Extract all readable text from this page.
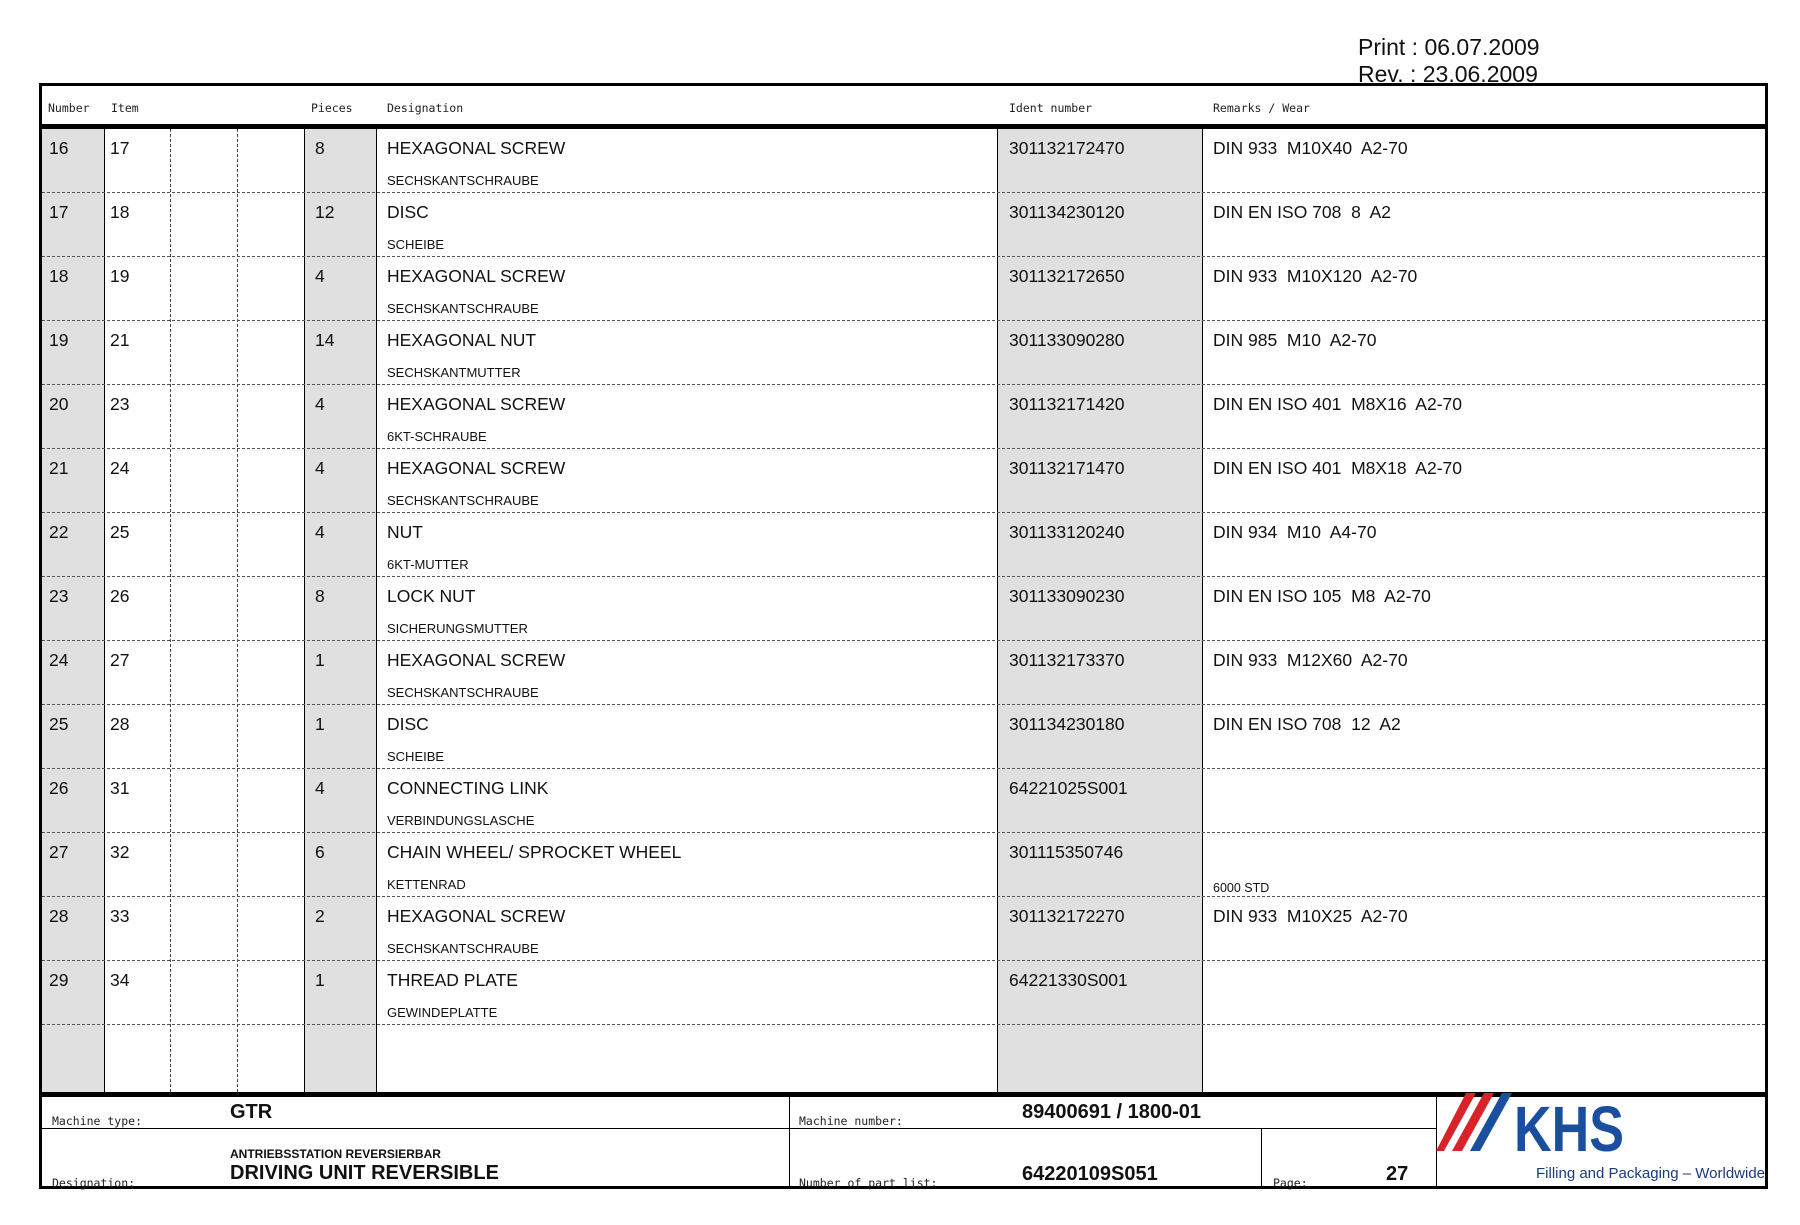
Print : 06.07.2009
Rev. : 23.06.2009
Number Item	Pieces	Designation	Ident number	Remarks / Wear
16 17	8	HEXAGONAL SCREW
SECHSKANTSCHRAUBE
301132172470	DIN 933  M10X40  A2-70
17 18	12	DISC
SCHEIBE
301134230120	DIN EN ISO 708  8  A2
18 19	4	HEXAGONAL SCREW
SECHSKANTSCHRAUBE
301132172650	DIN 933  M10X120  A2-70
19 21	14	HEXAGONAL NUT
SECHSKANTMUTTER
301133090280	DIN 985  M10  A2-70
20 23	4	HEXAGONAL SCREW
6KT-SCHRAUBE
301132171420	DIN EN ISO 401  M8X16  A2-70
21 24	4	HEXAGONAL SCREW
SECHSKANTSCHRAUBE
301132171470	DIN EN ISO 401  M8X18  A2-70
22 25	4	NUT
6KT-MUTTER
301133120240	DIN 934  M10  A4-70
23 26	8	LOCK NUT
SICHERUNGSMUTTER
301133090230	DIN EN ISO 105  M8  A2-70
24 27	1	HEXAGONAL SCREW
SECHSKANTSCHRAUBE
301132173370	DIN 933  M12X60  A2-70
25 28	1	DISC
SCHEIBE
301134230180	DIN EN ISO 708  12  A2
26 31	4	CONNECTING LINK
VERBINDUNGSLASCHE
64221025S001
27 32	6	CHAIN WHEEL/ SPROCKET WHEEL
KETTENRAD
301115350746
6000 STD
28 33	2	HEXAGONAL SCREW
SECHSKANTSCHRAUBE
301132172270	DIN 933  M10X25  A2-70
29 34	1	THREAD PLATE
GEWINDEPLATTE
64221330S001
Machine type:	GTR
Designation:
ANTRIEBSSTATION REVERSIERBAR
DRIVING UNIT REVERSIBLE
Machine number:	89400691 / 1800-01
Number of part list:	64220109S051	Page:	27
KHS
Filling and Packaging – Worldwide
